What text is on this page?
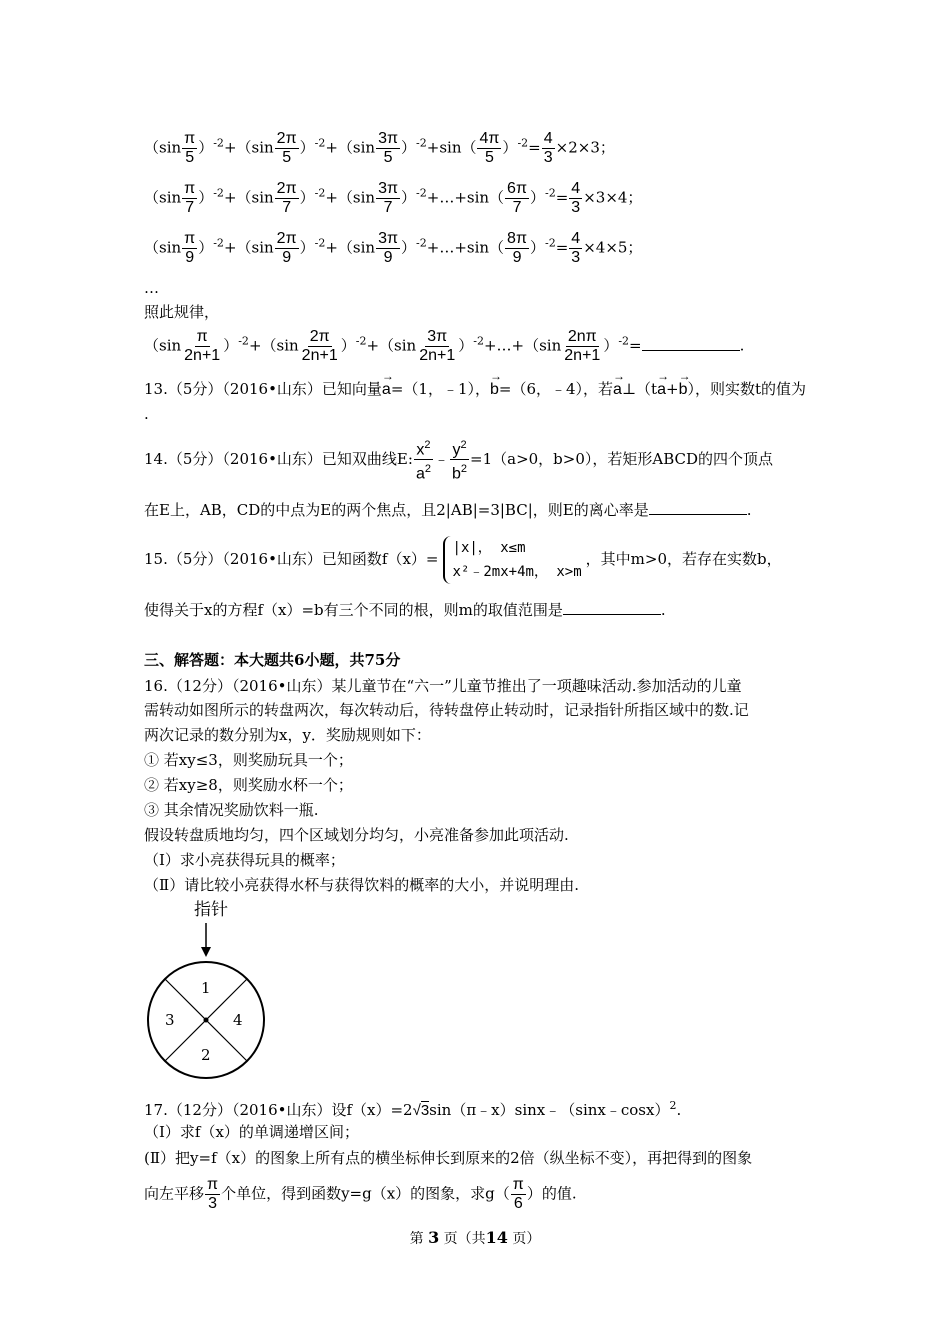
$(\sin \frac{\pi}{5} )^{-2}+(\sin \frac{2\pi}{5} )^{-2}+(\sin \frac{3\pi}{5} )^{-2}+\sin( \frac{4\pi}{5} )^{-2}= \frac{4}{3} \times 2\times 3$；
$(\sin \frac{\pi}{7} )^{-2}+(\sin \frac{2\pi}{7} )^{-2}+(\sin \frac{3\pi}{7}$ ）$^{-2}$+…+sin（ $\frac{6\pi}{7} )^{-2}= \frac{4}{3} \times 3\times 4$；
$(\sin \frac{\pi}{9} )^{-2}+(\sin \frac{2\pi}{9} )^{-2}+(\sin \frac{3\pi}{9}$ ）$^{-2}$+…+sin（ $\frac{8\pi}{9} )^{-2}= \frac{4}{3} \times 4\times 5$；
…
照此规律，
$(\sin \frac{\pi}{2n+1} )^{-2}+(\sin \frac{2\pi}{2n+1} )^{-2}+(\sin \frac{3\pi}{2n+1}$ ）$^{-2}$+…+（sin $\frac{2n\pi}{2n+1} )^{-2}=$	.
13.（5分）（2016•山东）已知向量→ a=（1，﹣1），→ b=（6，﹣4），若→ a⊥（t→ a+→ b），则实数t的值为
.
14.（5分）（2016•山东）已知双曲线E: $\frac{x^2}{a^2}$ ﹣ $\frac{y^2}{b^2} =1(a>0$，b>0），若矩形ABCD的四个顶点
在E上，AB，CD的中点为E的两个焦点，且2|AB|=3|BC|，则E的离心率是	.
15.（5分）（2016•山东）已知函数f（x）=
|x|， x≤m
x²﹣2mx+4m， x>m
，其中m>0，若存在实数b，
使得关于x的方程f（x）=b有三个不同的根，则m的取值范围是	.
三、解答题：本大题共6小题，共75分
16.（12分）（2016•山东）某儿童节在“六一”儿童节推出了一项趣味活动.参加活动的儿童
需转动如图所示的转盘两次，每次转动后，待转盘停止转动时，记录指针所指区域中的数.记
两次记录的数分别为x，y．奖励规则如下：
① 若xy≤3，则奖励玩具一个；
② 若xy≥8，则奖励水杯一个；
③ 其余情况奖励饮料一瓶.
假设转盘质地均匀，四个区域划分均匀，小亮准备参加此项活动.
（Ⅰ）求小亮获得玩具的概率；
（Ⅱ）请比较小亮获得水杯与获得饮料的概率的大小，并说明理由.
指针
1
4
2
3
17.（12分）（2016•山东）设f（x）=2√3sin（π﹣x）sinx﹣（sinx﹣cosx）$^2$.
（Ⅰ）求f（x）的单调递增区间；
(Ⅱ）把y=f（x）的图象上所有点的横坐标伸长到原来的2倍（纵坐标不变），再把得到的图象
向左平移 $\frac{\pi}{3}$ 个单位，得到函数y=g（x）的图象，求$g( \frac{\pi}{6}$ ）的值.
第 3 页（共14 页）
